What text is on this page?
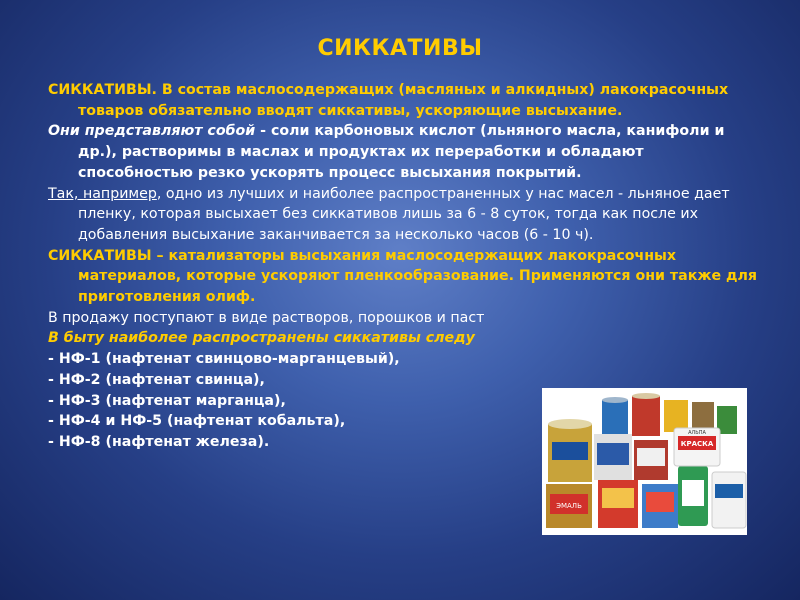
СИККАТИВЫ
СИККАТИВЫ. В состав маслосодержащих (масляных и алкидных) лакокрасочных товаров обязательно вводят сиккативы, ускоряющие высыхание.
Они представляют собой - соли карбоновых кислот (льняного масла, канифоли и др.), растворимы в маслах и продуктах их переработки и обладают способностью резко ускорять процесс высыхания покрытий.
Так, например, одно из лучших и наиболее распространенных у нас масел - льняное дает пленку, которая высыхает без сиккативов лишь за 6 - 8 суток, тогда как после их добавления высыхание заканчивается за несколько часов (6 - 10 ч).
СИККАТИВЫ – катализаторы высыхания маслосодержащих лакокрасочных материалов, которые ускоряют пленкообразование. Применяются они также для приготовления олиф.
В продажу поступают в виде растворов, порошков и паст
В быту наиболее распространены сиккативы следу
- НФ-1 (нафтенат свинцово-марганцевый),
- НФ-2 (нафтенат свинца),
- НФ-3 (нафтенат марганца),
- НФ-4 и НФ-5 (нафтенат кобальта),
- НФ-8 (нафтенат железа).
ЭМАЛЬ
КРАСКА
АЛЬПА
